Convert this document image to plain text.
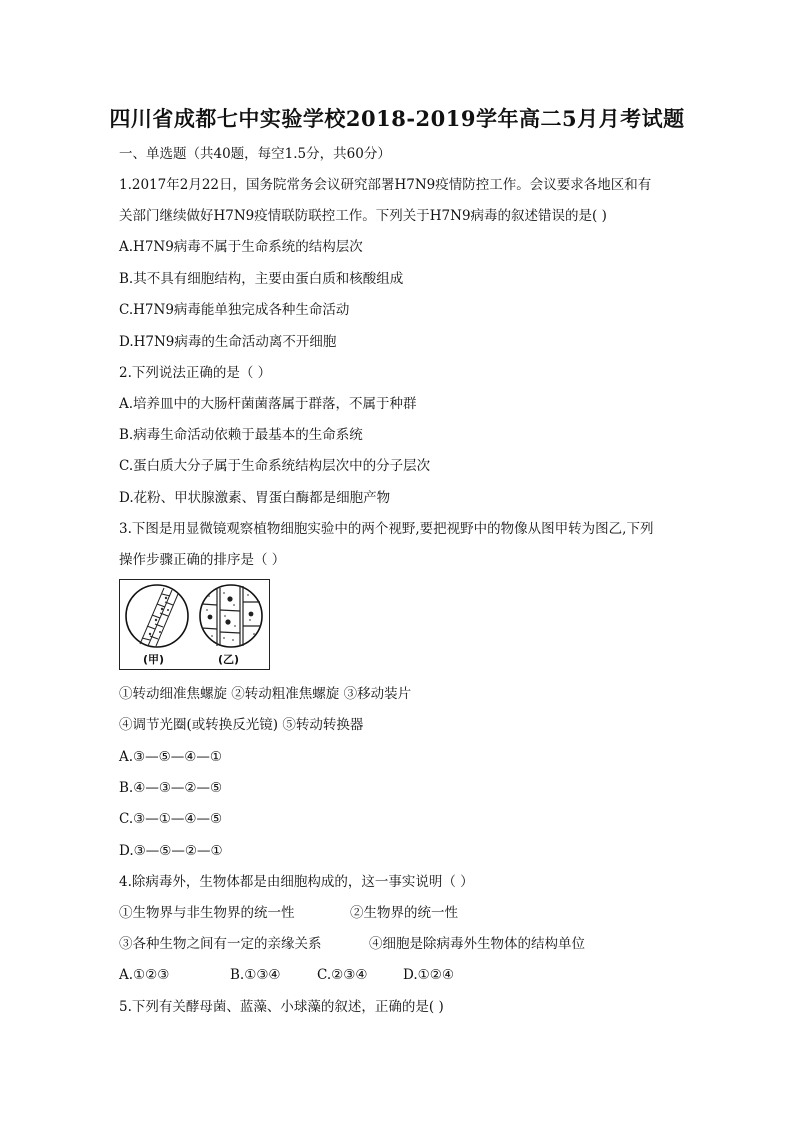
四川省成都七中实验学校2018-2019学年高二5月月考试题
一、单选题（共40题，每空1.5分，共60分）
1.2017年2月22日，国务院常务会议研究部署H7N9疫情防控工作。会议要求各地区和有
关部门继续做好H7N9疫情联防联控工作。下列关于H7N9病毒的叙述错误的是( )
A.H7N9病毒不属于生命系统的结构层次
B.其不具有细胞结构，主要由蛋白质和核酸组成
C.H7N9病毒能单独完成各种生命活动
D.H7N9病毒的生命活动离不开细胞
2.下列说法正确的是（ ）
A.培养皿中的大肠杆菌菌落属于群落，不属于种群
B.病毒生命活动依赖于最基本的生命系统
C.蛋白质大分子属于生命系统结构层次中的分子层次
D.花粉、甲状腺激素、胃蛋白酶都是细胞产物
3.下图是用显微镜观察植物细胞实验中的两个视野,要把视野中的物像从图甲转为图乙,下列
操作步骤正确的排序是（ ）
(甲)	(乙)
①转动细准焦螺旋 ②转动粗准焦螺旋 ③移动装片
④调节光圈(或转换反光镜) ⑤转动转换器
A.③—⑤—④—①
B.④—③—②—⑤
C.③—①—④—⑤
D.③—⑤—②—①
4.除病毒外，生物体都是由细胞构成的，这一事实说明（ ）
①生物界与非生物界的统一性	②生物界的统一性
③各种生物之间有一定的亲缘关系	④细胞是除病毒外生物体的结构单位
A.①②③	B.①③④	C.②③④	D.①②④
5.下列有关酵母菌、蓝藻、小球藻的叙述，正确的是( )
